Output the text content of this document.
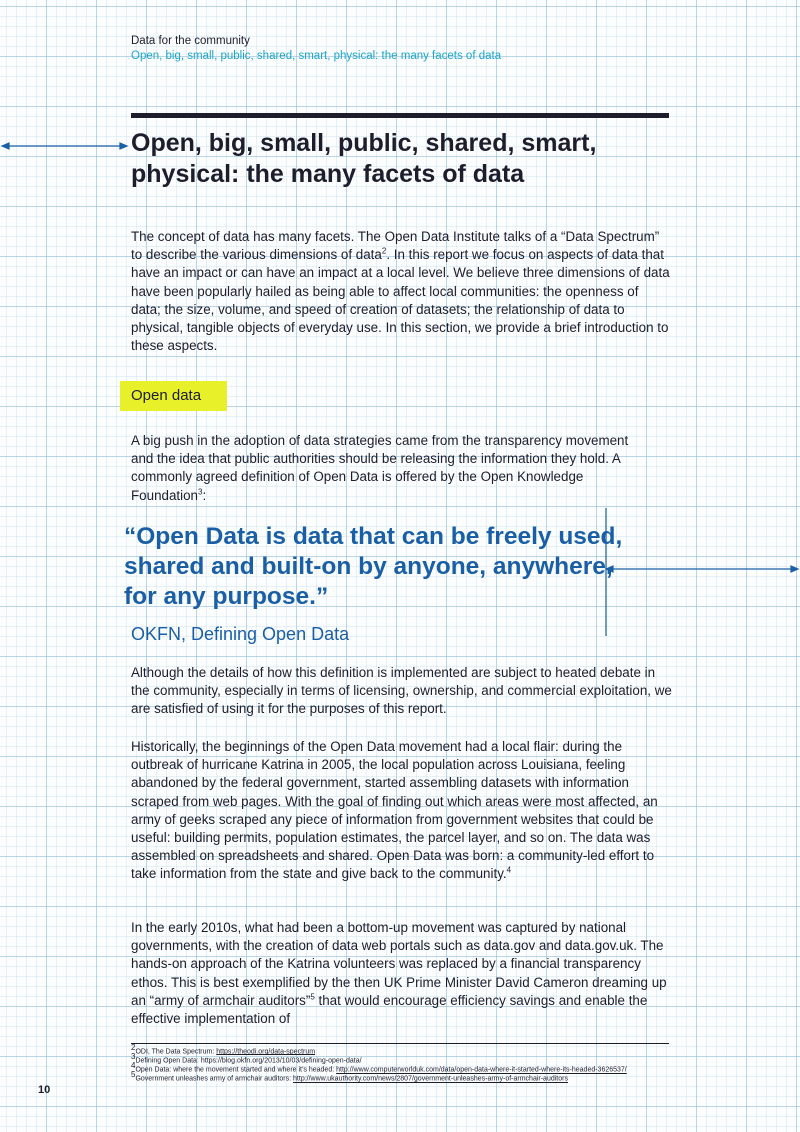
Data for the community
Open, big, small, public, shared, smart, physical: the many facets of data
Open, big, small, public, shared, smart, physical: the many facets of data

The concept of data has many facets. The Open Data Institute talks of a “Data Spectrum” to describe the various dimensions of data$^2$. In this report we focus on aspects of data that have an impact or can have an impact at a local level. We believe three dimensions of data have been popularly hailed as being able to affect local communities: the openness of data; the size, volume, and speed of creation of datasets; the relationship of data to physical, tangible objects of everyday use. In this section, we provide a brief introduction to these aspects.

Open data

A big push in the adoption of data strategies came from the transparency movement and the idea that public authorities should be releasing the information they hold. A commonly agreed definition of Open Data is offered by the Open Knowledge Foundation$^3$:

“Open Data is data that can be freely used, shared and built-on by anyone, anywhere, for any purpose.”

OKFN, Defining Open Data

Although the details of how this definition is implemented are subject to heated debate in the community, especially in terms of licensing, ownership, and commercial exploitation, we are satisfied of using it for the purposes of this report.

Historically, the beginnings of the Open Data movement had a local flair: during the outbreak of hurricane Katrina in 2005, the local population across Louisiana, feeling abandoned by the federal government, started assembling datasets with information scraped from web pages. With the goal of finding out which areas were most affected, an army of geeks scraped any piece of information from government websites that could be useful: building permits, population estimates, the parcel layer, and so on. The data was assembled on spreadsheets and shared. Open Data was born: a community-led effort to take information from the state and give back to the community.$^4$

In the early 2010s, what had been a bottom-up movement was captured by national governments, with the creation of data web portals such as data.gov and data.gov.uk. The hands-on approach of the Katrina volunteers was replaced by a financial transparency ethos. This is best exemplified by the then UK Prime Minister David Cameron dreaming up an “army of armchair auditors”$^5$ that would encourage efficiency savings and enable the effective implementation of

$^2$ODI, The Data Spectrum: https://theodi.org/data-spectrum
$^3$Defining Open Data: https://blog.okfn.org/2013/10/03/defining-open-data/
$^4$Open Data: where the movement started and where it’s headed: http://www.computerworlduk.com/data/open-data-where-it-started-where-its-headed-3626537/
$^5$Government unleashes army of armchair auditors: http://www.ukauthority.com/news/2807/government-unleashes-army-of-armchair-auditors
10
